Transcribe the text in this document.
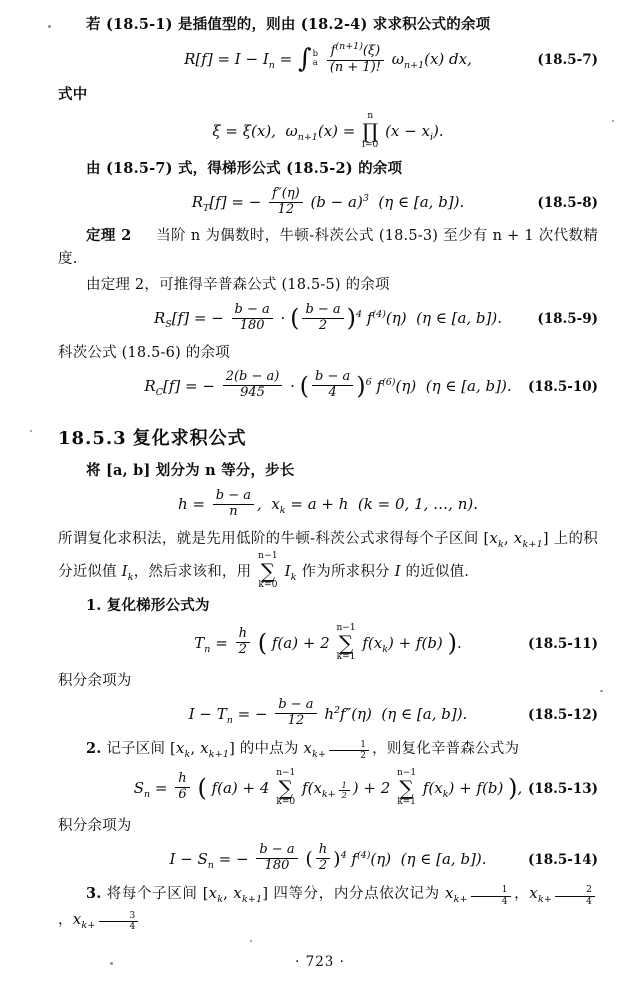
若 (18.5-1) 是插值型的，则由 (18.2-4) 求求积公式的余项

$R[f] = I - I_n = \int b$
a $\frac{f^{(n+1)}(\xi)}{(n + 1)!} \omega_{n+1}(x)$ dx,	(18.5-7)

式中

ξ = ξ(x),  $\omega_{n+1}(x)$ =
n
∏
i=0
$(x - x_i)$.

由 (18.5-7) 式，得梯形公式 (18.5-2) 的余项

$R_T[f]$ = − $\frac{f''(\eta)}{12} (b - a)^3$  (η ∈ [a, b]).	(18.5-8)

定理 2 当阶 n 为偶数时，牛顿-科茨公式 (18.5-3) 至少有 n + 1 次代数精度.

由定理 2，可推得辛普森公式 (18.5-5) 的余项

$R_S[f]$ = − $\frac{b - a}{180}$ · ( $\frac{b - a}{2} )^4$ $f^{(4)}(\eta)$  (η ∈ [a, b]).	(18.5-9)

科茨公式 (18.5-6) 的余项

$R_C[f]$ = − $\frac{2(b - a)}{945}$ · ( $\frac{b - a}{4} )^6$ $f^{(6)}(\eta)$  (η ∈ [a, b]).	(18.5-10)
18.5.3 复化求积公式

将 [a, b] 划分为 n 等分，步长

$h = \frac{b - a}{n}$ ,  $x_k = a + h$  (k = 0, 1, …, n).

所谓复化求积法，就是先用低阶的牛顿-科茨公式求得每个子区间 [$x_k$, $x_{k+1}$] 上的积分近似值 $I_k$，然后求该和，用
n−1
∑
k=0
$I_k$ 作为所求积分 I 的近似值.

1. 复化梯形公式为

$T_n = \frac{h}{2}$ ( f(a) + 2
n−1
∑
k=1
$f(x_k) + f(b)$ ).	(18.5-11)

积分余项为

$I - T_n$ = − $\frac{b - a}{12} h^2f''(\eta)$  (η ∈ [a, b]).	(18.5-12)

2. 记子区间 [$x_k$, $x_{k+1}$] 的中点为 $x_{k+} \frac{1}{2}$ ，则复化辛普森公式为

$S_n = \frac{h}{6}$ ( f(a) + 4
n−1
∑
k=0
$f(x_{k+} \frac{1}{2}$ ) + 2
n−1
∑
k=1
$f(x_k) + f(b)$ ), (18.5-13)

积分余项为

$I - S_n$ = − $\frac{b - a}{180}$ ( $\frac{h}{2} )^4$ $f^{(4)}(\eta)$  (η ∈ [a, b]).	(18.5-14)

3. 将每个子区间 [$x_k$, $x_{k+1}$] 四等分，内分点依次记为 $x_{k+} \frac{1}{4}$ ，$x_{k+} \frac{2}{4}$
，$x_{k+} \frac{3}{4}$

· 723 ·
